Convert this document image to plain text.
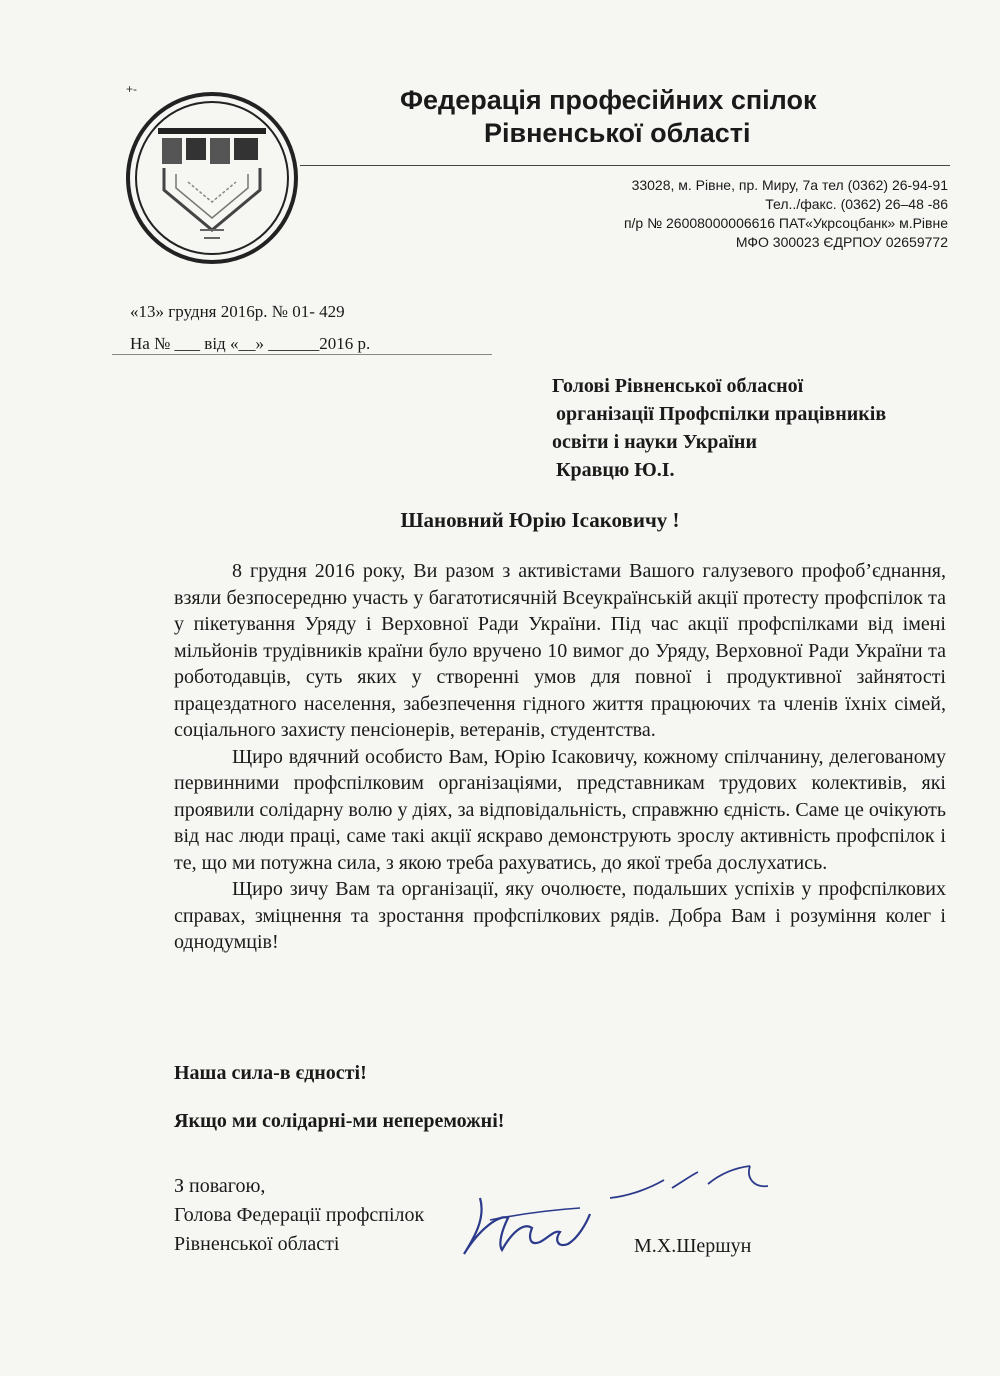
+-	Федерація професійних спілок
Рівненської області
33028, м. Рівне, пр. Миру, 7а тел (0362) 26-94-91
Тел../факс. (0362) 26–48 -86
п/р № 26008000006616 ПАТ«Укрсоцбанк» м.Рівне
МФО 300023 ЄДРПОУ 02659772
«13» грудня 2016р. № 01- 429
На № ___ від «__» ______2016 р.
Голові Рівненської обласної
організації Профспілки працівників
освіти і науки України
Кравцю Ю.І.
Шановний Юрію Ісаковичу !

8 грудня 2016 року, Ви разом з активістами Вашого галузевого профоб’єднання, взяли безпосередню участь у багатотисячній Всеукраїнській акції протесту профспілок та у пікетування Уряду і Верховної Ради України. Під час акції профспілками від імені мільйонів трудівників країни було вручено 10 вимог до Уряду, Верховної Ради України та роботодавців, суть яких у створенні умов для повної і продуктивної зайнятості працездатного населення, забезпечення гідного життя працюючих та членів їхніх сімей, соціального захисту пенсіонерів, ветеранів, студентства.

Щиро вдячний особисто Вам, Юрію Ісаковичу, кожному спілчанину, делегованому первинними профспілковим організаціями, представникам трудових колективів, які проявили солідарну волю у діях, за відповідальність, справжню єдність. Саме це очікують від нас люди праці, саме такі акції яскраво демонструють зрослу активність профспілок і те, що ми потужна сила, з якою треба рахуватись, до якої треба дослухатись.

Щиро зичу Вам та організації, яку очолюєте, подальших успіхів у профспілкових справах, зміцнення та зростання профспілкових рядів. Добра Вам і розуміння колег і однодумців!

Наша сила-в єдності!
Якщо ми солідарні-ми непереможні!
З повагою,
Голова Федерації профспілок
Рівненської області	М.Х.Шершун
